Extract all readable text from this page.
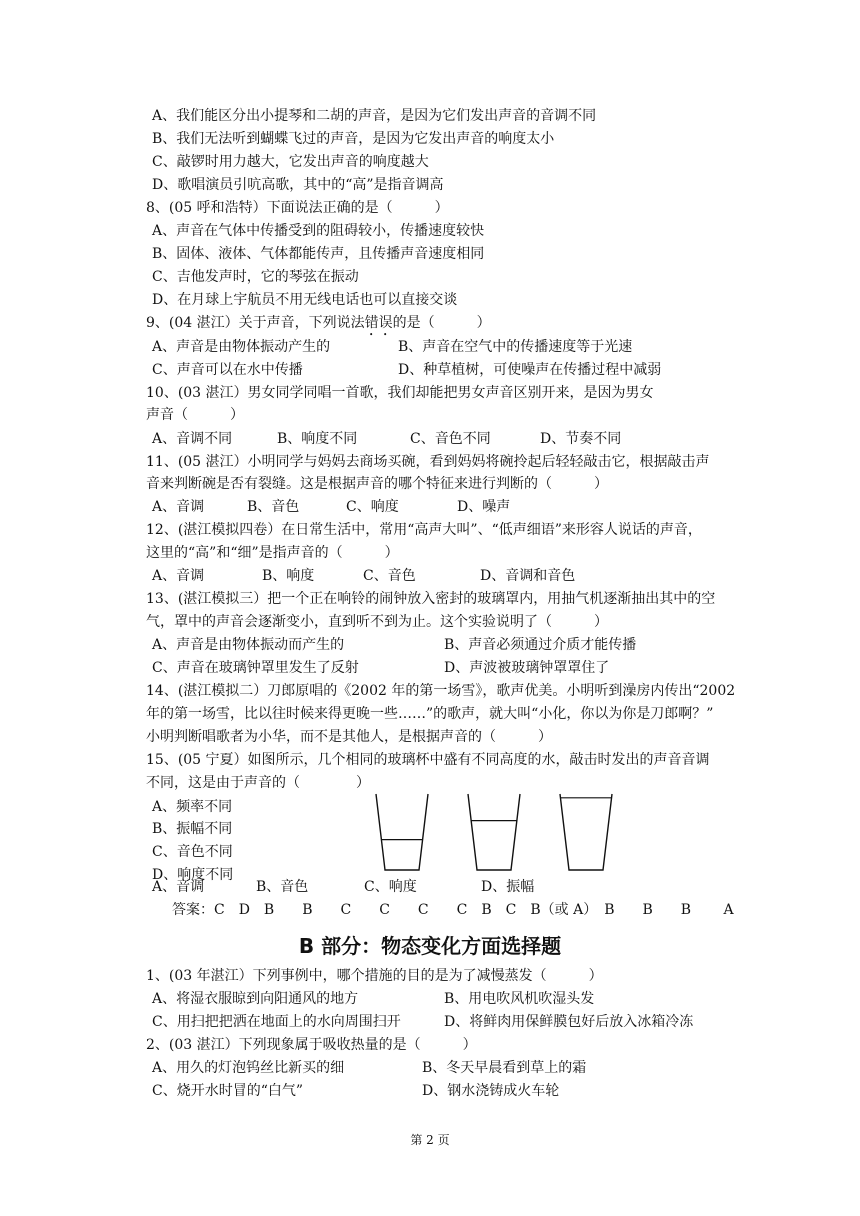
A、我们能区分出小提琴和二胡的声音，是因为它们发出声音的音调不同
B、我们无法听到蝴蝶飞过的声音，是因为它发出声音的响度太小
C、敲锣时用力越大，它发出声音的响度越大
D、歌唱演员引吭高歌，其中的“高”是指音调高
8、(05 呼和浩特）下面说法正确的是（　　　）
A、声音在气体中传播受到的阻碍较小，传播速度较快
B、固体、液体、气体都能传声，且传播声音速度相同
C、吉他发声时，它的琴弦在振动
D、在月球上宇航员不用无线电话也可以直接交谈
9、(04 湛江）关于声音，下列说法错误的是（　　　）
A、声音是由物体振动产生的	B、声音在空气中的传播速度等于光速
C、声音可以在水中传播	D、种草植树，可使噪声在传播过程中减弱
10、(03 湛江）男女同学同唱一首歌，我们却能把男女声音区别开来，是因为男女
声音（　　　）
A、音调不同	B、响度不同	C、音色不同	D、节奏不同
11、(05 湛江）小明同学与妈妈去商场买碗，看到妈妈将碗拎起后轻轻敲击它，根据敲击声
音来判断碗是否有裂缝。这是根据声音的哪个特征来进行判断的（　　　）
A、音调	B、音色	C、响度	D、噪声
12、(湛江模拟四卷）在日常生活中，常用“高声大叫”、“低声细语”来形容人说话的声音，
这里的“高”和“细”是指声音的（　　　）
A、音调	B、响度	C、音色	D、音调和音色
13、(湛江模拟三）把一个正在响铃的闹钟放入密封的玻璃罩内，用抽气机逐渐抽出其中的空
气，罩中的声音会逐渐变小，直到听不到为止。这个实验说明了（　　　）
A、声音是由物体振动而产生的	B、声音必须通过介质才能传播
C、声音在玻璃钟罩里发生了反射	D、声波被玻璃钟罩罩住了
14、(湛江模拟二）刀郎原唱的《2002 年的第一场雪》，歌声优美。小明听到澡房内传出“2002
年的第一场雪，比以往时候来得更晚一些……”的歌声，就大叫“小化，你以为你是刀郎啊？”
小明判断唱歌者为小华，而不是其他人，是根据声音的（　　　）
15、(05 宁夏）如图所示，几个相同的玻璃杯中盛有不同高度的水，敲击时发出的声音音调
不同，这是由于声音的（　　　　）
A、频率不同
B、振幅不同
C、音色不同
D、响度不同
A、音调	B、音色	C、响度	D、振幅
答案：C　D　B　　B　　C　　C　　C　　C　B　C　B（或 A）　B　　B　　B　　 A
B 部分：物态变化方面选择题
1、(03 年湛江）下列事例中，哪个措施的目的是为了减慢蒸发（　　　）
A、将湿衣服晾到向阳通风的地方	B、用电吹风机吹湿头发
C、用扫把把洒在地面上的水向周围扫开	D、将鲜肉用保鲜膜包好后放入冰箱冷冻
2、(03 湛江）下列现象属于吸收热量的是（　　　）
A、用久的灯泡钨丝比新买的细	B、冬天早晨看到草上的霜
C、烧开水时冒的“白气”	D、钢水浇铸成火车轮
第 2 页
